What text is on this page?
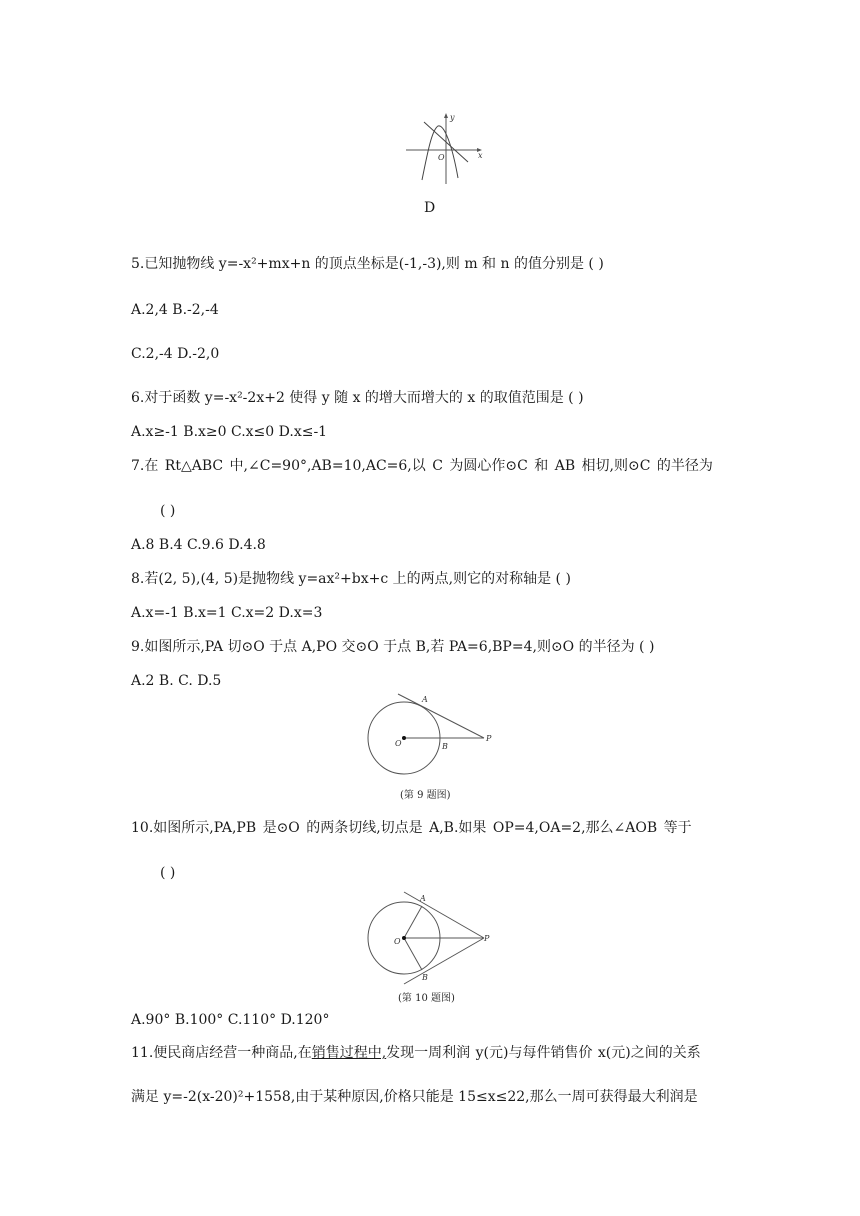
y
x
O
D
5.已知抛物线 y=-x²+mx+n 的顶点坐标是(-1,-3),则 m 和 n 的值分别是 ( )
A.2,4 B.-2,-4
C.2,-4 D.-2,0
6.对于函数 y=-x²-2x+2 使得 y 随 x 的增大而增大的 x 的取值范围是 ( )
A.x≥-1 B.x≥0 C.x≤0 D.x≤-1
7.在 Rt△ABC 中,∠C=90°,AB=10,AC=6,以 C 为圆心作⊙C 和 AB 相切,则⊙C 的半径为
( )
A.8 B.4 C.9.6 D.4.8
8.若(2, 5),(4, 5)是抛物线 y=ax²+bx+c 上的两点,则它的对称轴是 ( )
A.x=-1 B.x=1 C.x=2 D.x=3
9.如图所示,PA 切⊙O 于点 A,PO 交⊙O 于点 B,若 PA=6,BP=4,则⊙O 的半径为 ( )
A.2 B. C. D.5
A
O	B
P
(第 9 题图)
10.如图所示,PA,PB 是⊙O 的两条切线,切点是 A,B.如果 OP=4,OA=2,那么∠AOB 等于
( )
A
O
B
P
(第 10 题图)
A.90° B.100° C.110° D.120°
11.便民商店经营一种商品,在销售过程中,发现一周利润 y(元)与每件销售价 x(元)之间的关系
满足 y=-2(x-20)²+1558,由于某种原因,价格只能是 15≤x≤22,那么一周可获得最大利润是
